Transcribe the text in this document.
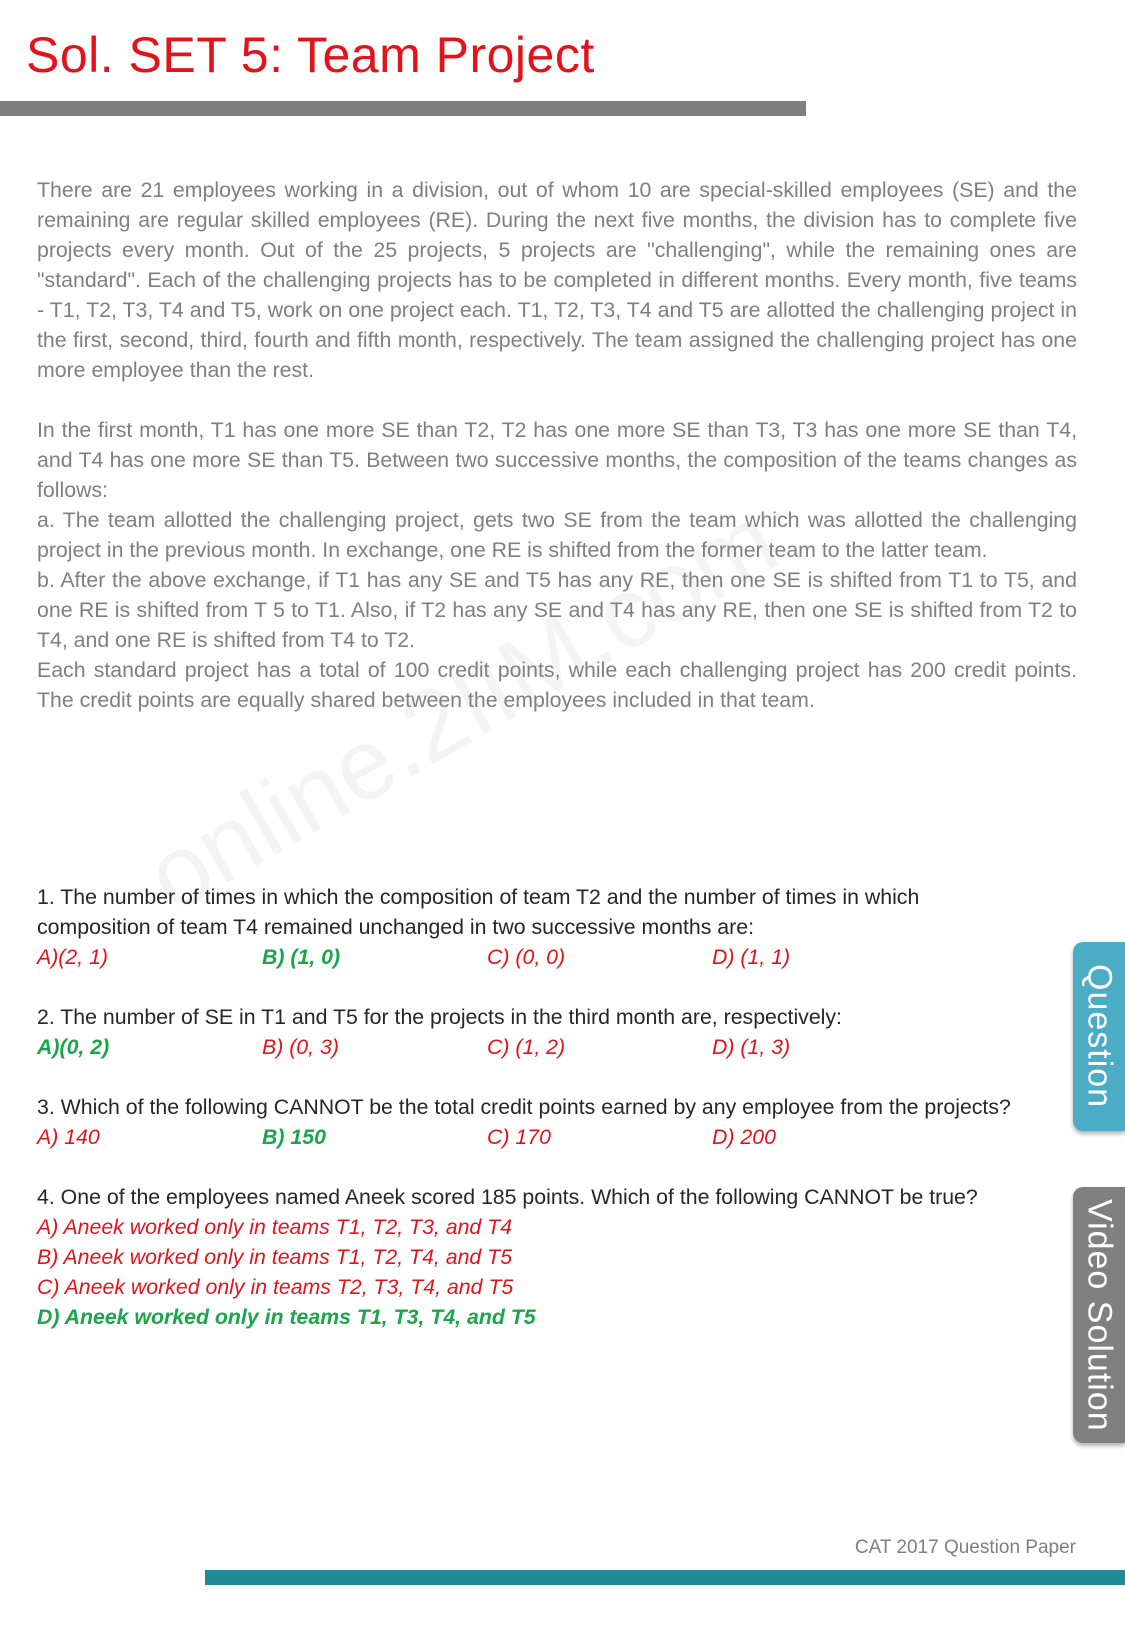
Sol. SET 5: Team Project

There are 21 employees working in a division, out of whom 10 are special-skilled employees (SE) and the remaining are regular skilled employees (RE). During the next five months, the division has to complete five projects every month. Out of the 25 projects, 5 projects are "challenging", while the remaining ones are "standard". Each of the challenging projects has to be completed in different months. Every month, five teams - T1, T2, T3, T4 and T5, work on one project each. T1, T2, T3, T4 and T5 are allotted the challenging project in the first, second, third, fourth and fifth month, respectively. The team assigned the challenging project has one more employee than the rest.

In the first month, T1 has one more SE than T2, T2 has one more SE than T3, T3 has one more SE than T4, and T4 has one more SE than T5. Between two successive months, the composition of the teams changes as follows:

a. The team allotted the challenging project, gets two SE from the team which was allotted the challenging project in the previous month. In exchange, one RE is shifted from the former team to the latter team.

b. After the above exchange, if T1 has any SE and T5 has any RE, then one SE is shifted from T1 to T5, and one RE is shifted from T 5 to T1. Also, if T2 has any SE and T4 has any RE, then one SE is shifted from T2 to T4, and one RE is shifted from T4 to T2.

Each standard project has a total of 100 credit points, while each challenging project has 200 credit points. The credit points are equally shared between the employees included in that team.

1. The number of times in which the composition of team T2 and the number of times in which composition of team T4 remained unchanged in two successive months are:

A)(2, 1)	B) (1, 0)	C) (0, 0)	D) (1, 1)

2. The number of SE in T1 and T5 for the projects in the third month are, respectively:

A)(0, 2)	B) (0, 3)	C) (1, 2)	D) (1, 3)

3. Which of the following CANNOT be the total credit points earned by any employee from the projects?

A) 140	B) 150	C) 170	D) 200

4. One of the employees named Aneek scored 185 points. Which of the following CANNOT be true?

A) Aneek worked only in teams T1, T2, T3, and T4
B) Aneek worked only in teams T1, T2, T4, and T5
C) Aneek worked only in teams T2, T3, T4, and T5
D) Aneek worked only in teams T1, T3, T4, and T5
Question
Video Solution
CAT 2017 Question Paper
